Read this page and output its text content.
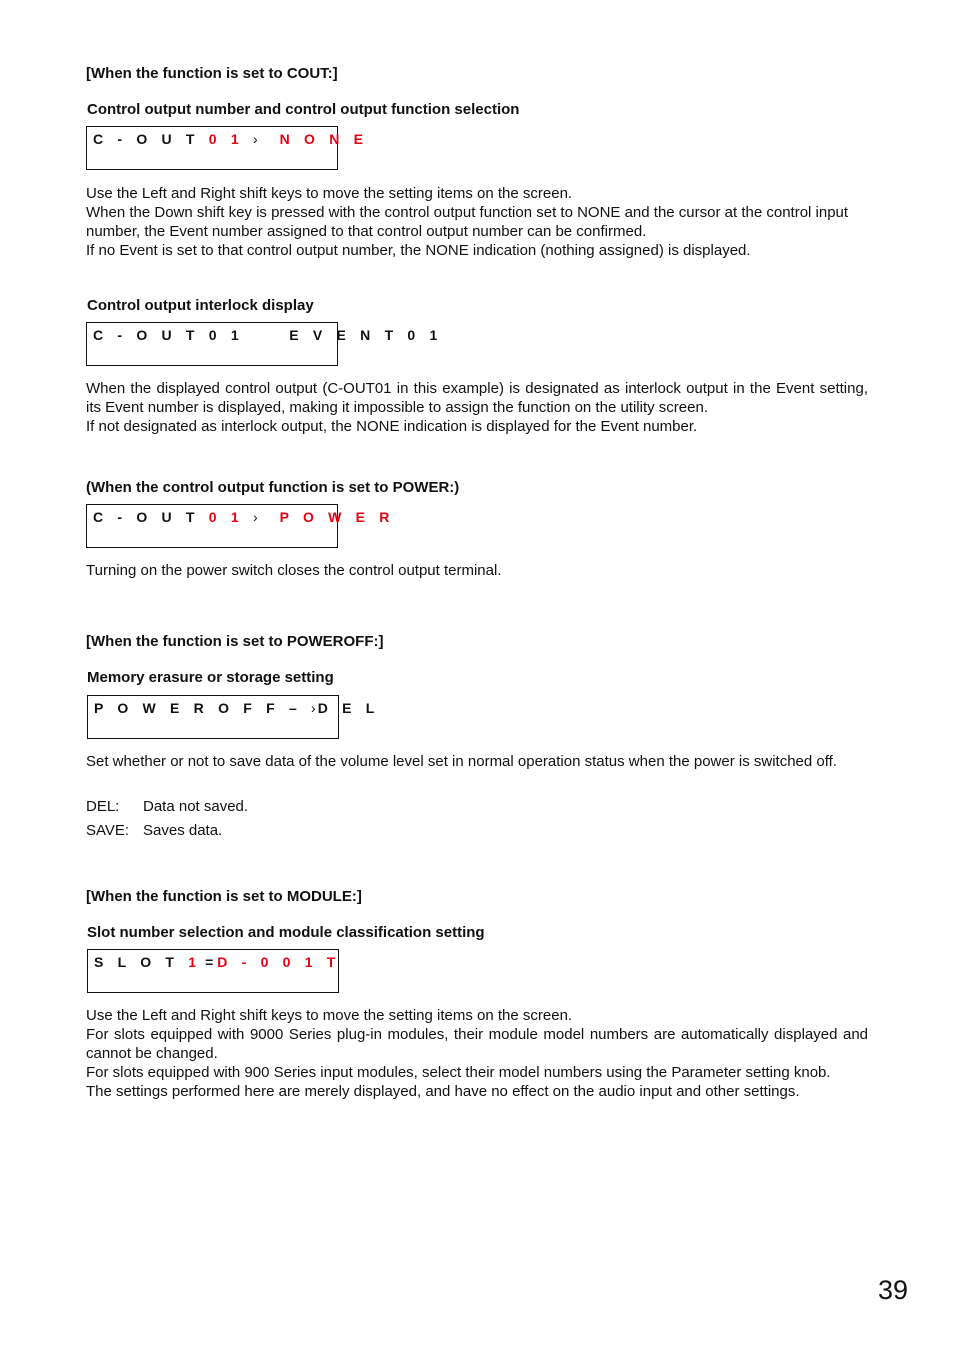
[When the function is set to COUT:]
Control output number and control output function selection
C - O U T 0 1 › N O N E

Use the Left and Right shift keys to move the setting items on the screen.

When the Down shift key is pressed with the control output function set to NONE and the cursor at the control input number, the Event number assigned to that control output number can be confirmed.

If no Event is set to that control output number, the NONE indication (nothing assigned) is displayed.

Control output interlock display
C - O U T 0 1     E V E N T 0 1

When the displayed control output (C-OUT01 in this example) is designated as interlock output in the Event setting, its Event number is displayed, making it impossible to assign the function on the utility screen.

If not designated as interlock output, the NONE indication is displayed for the Event number.

(When the control output function is set to POWER:)
C - O U T 0 1 › P O W E R
Turning on the power switch closes the control output terminal.
[When the function is set to POWEROFF:]
Memory erasure or storage setting
P O W E R O F F – › D E L
Set whether or not to save data of the volume level set in normal operation status when the power is switched off.
DEL:	Data not saved.
SAVE: Saves data.
[When the function is set to MODULE:]
Slot number selection and module classification setting
S L O T 1 = D - 0 0 1 T

Use the Left and Right shift keys to move the setting items on the screen.

For slots equipped with 9000 Series plug-in modules, their module model numbers are automatically displayed and cannot be changed.

For slots equipped with 900 Series input modules, select their model numbers using the Parameter setting knob.

The settings performed here are merely displayed, and have no effect on the audio input and other settings.

39
